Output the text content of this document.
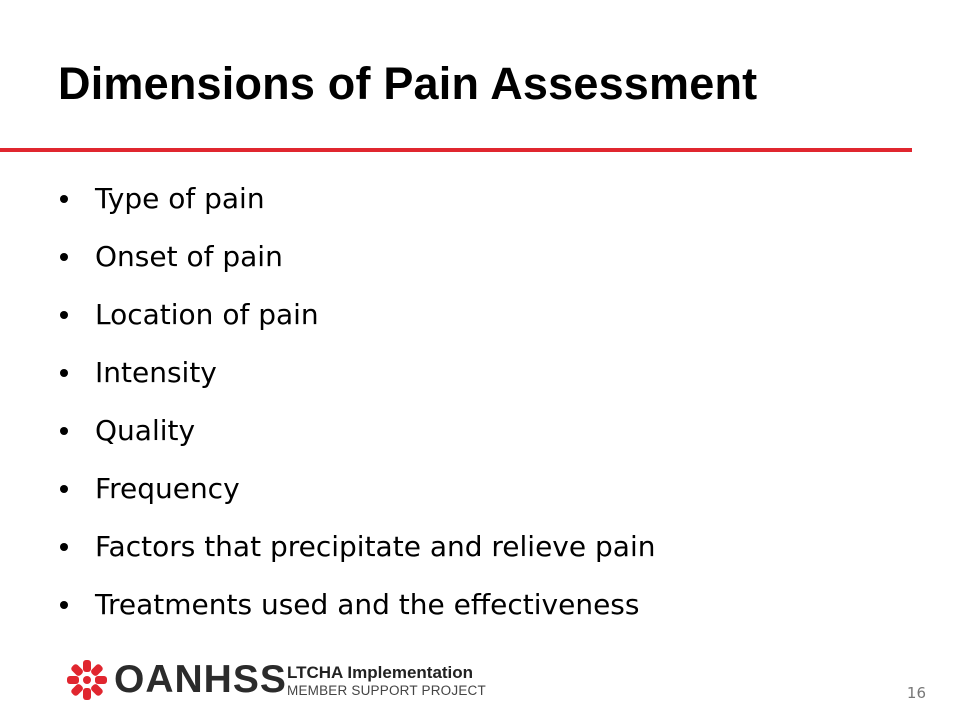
Dimensions of Pain Assessment
Type of pain
Onset of pain
Location of pain
Intensity
Quality
Frequency
Factors that precipitate and relieve pain
Treatments used and the effectiveness
OANHSS LTCHA Implementation
MEMBER SUPPORT PROJECT	16
